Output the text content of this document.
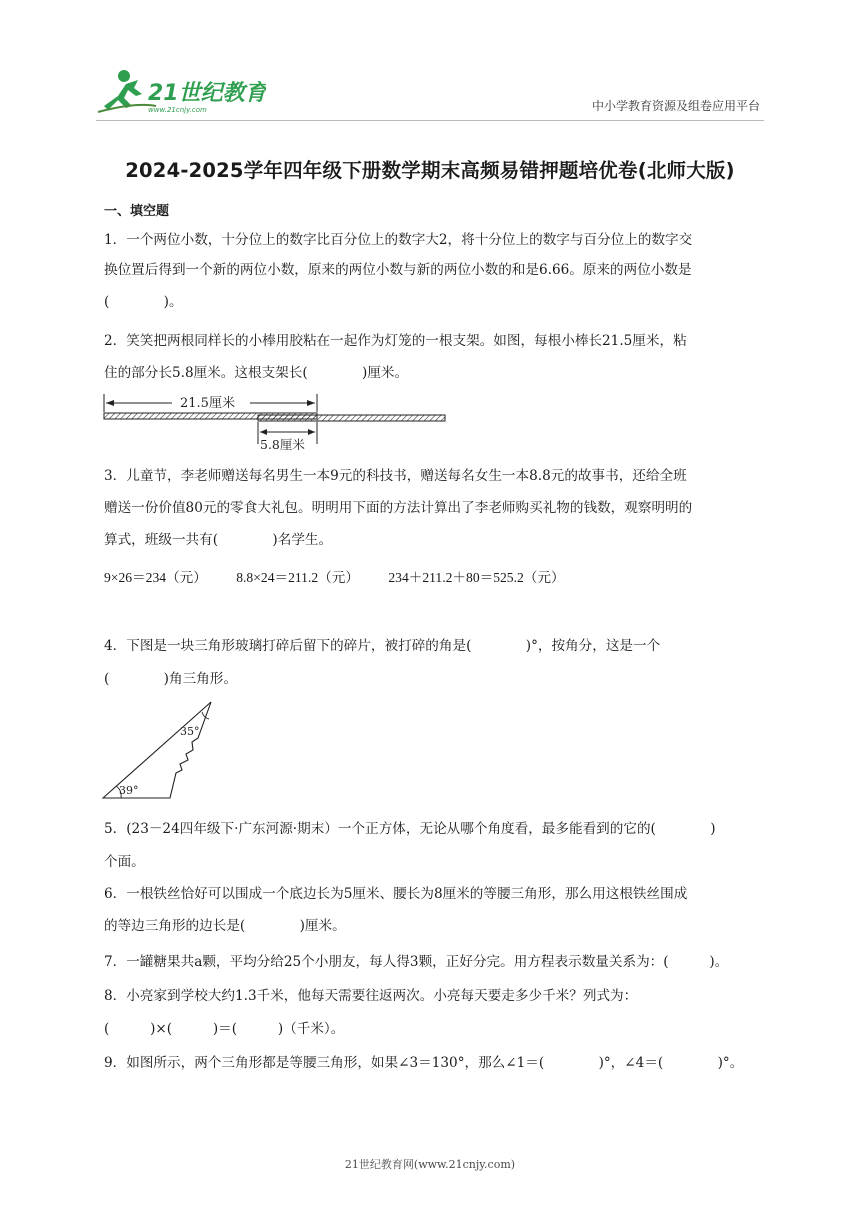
21世纪教育
www.21cnjy.com	中小学教育资源及组卷应用平台
2024-2025学年四年级下册数学期末高频易错押题培优卷(北师大版)
一、填空题
1．一个两位小数，十分位上的数字比百分位上的数字大2，将十分位上的数字与百分位上的数字交
换位置后得到一个新的两位小数，原来的两位小数与新的两位小数的和是6.66。原来的两位小数是
(　　　　)。
2．笑笑把两根同样长的小棒用胶粘在一起作为灯笼的一根支架。如图，每根小棒长21.5厘米，粘
住的部分长5.8厘米。这根支架长(　　　　)厘米。
21.5厘米
5.8厘米
3．儿童节，李老师赠送每名男生一本9元的科技书，赠送每名女生一本8.8元的故事书，还给全班
赠送一份价值80元的零食大礼包。明明用下面的方法计算出了李老师购买礼物的钱数，观察明明的
算式，班级一共有(　　　　)名学生。
9×26＝234（元） 8.8×24＝211.2（元） 234＋211.2＋80＝525.2（元）
4．下图是一块三角形玻璃打碎后留下的碎片，被打碎的角是(　　　　)°，按角分，这是一个
(　　　　)角三角形。
35°
39°
5．(23－24四年级下·广东河源·期末）一个正方体，无论从哪个角度看，最多能看到的它的(　　　　)
个面。
6．一根铁丝恰好可以围成一个底边长为5厘米、腰长为8厘米的等腰三角形，那么用这根铁丝围成
的等边三角形的边长是(　　　　)厘米。
7．一罐糖果共a颗，平均分给25个小朋友，每人得3颗，正好分完。用方程表示数量关系为：(　　　)。
8．小亮家到学校大约1.3千米，他每天需要往返两次。小亮每天要走多少千米？列式为：
(　　　)×(　　　)＝(　　　)（千米）。
9．如图所示，两个三角形都是等腰三角形，如果∠3＝130°，那么∠1＝(　　　　)°，∠4＝(　　　　)°。
21世纪教育网(www.21cnjy.com)
